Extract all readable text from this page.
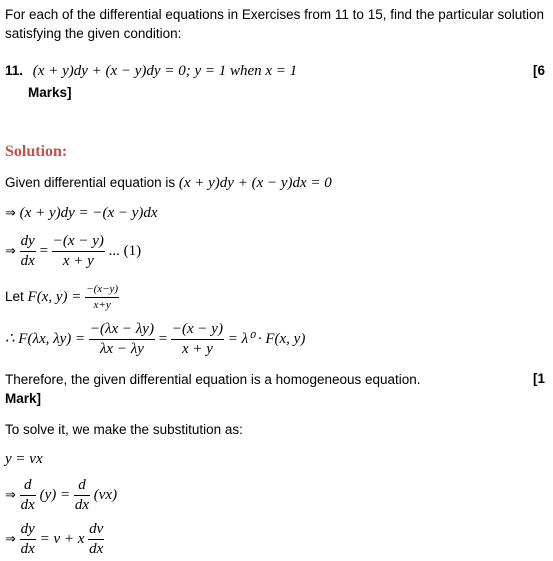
For each of the differential equations in Exercises from 11 to 15, find the particular solution
satisfying the given condition:
11. (x + y)dy + (x − y)dy = 0; y = 1 when x = 1	[6
Marks]
Solution:
Given differential equation is (x + y)dy + (x − y)dx = 0
⇒ (x + y)dy = −(x − y)dx
⇒ $\frac{dy}{dx} = \frac{-(x - y)}{x + y}$ ... (1)
Let F(x, $y) = \frac{-(x-y)}{x+y}$
∴ F(λx, $\lambda y) = \frac{-(\lambda x - \lambda y)}{\lambda x - \lambda y} = \frac{-(x - y)}{x + y} = \lambda^0 \cdot F(x$, y)
Therefore, the given differential equation is a homogeneous equation.	[1
Mark]
To solve it, we make the substitution as:
y = vx
⇒ $\frac{d}{dx} (y) = \frac{d}{dx} (vx)$
⇒ $\frac{dy}{dx} = v + x \frac{dv}{dx}$
